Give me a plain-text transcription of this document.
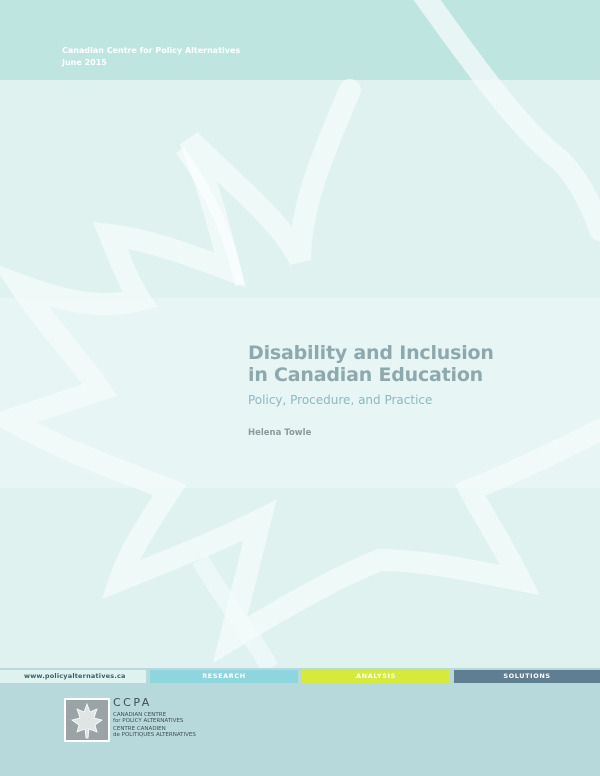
Canadian Centre for Policy Alternatives
June 2015
Disability and Inclusion
in Canadian Education
Policy, Procedure, and Practice
Helena Towle
www.policyalternatives.ca	RESEARCH	ANALYSIS	SOLUTIONS
CCPA
CANADIAN CENTRE
for POLICY ALTERNATIVES
CENTRE CANADIEN
de POLITIQUES ALTERNATIVES
